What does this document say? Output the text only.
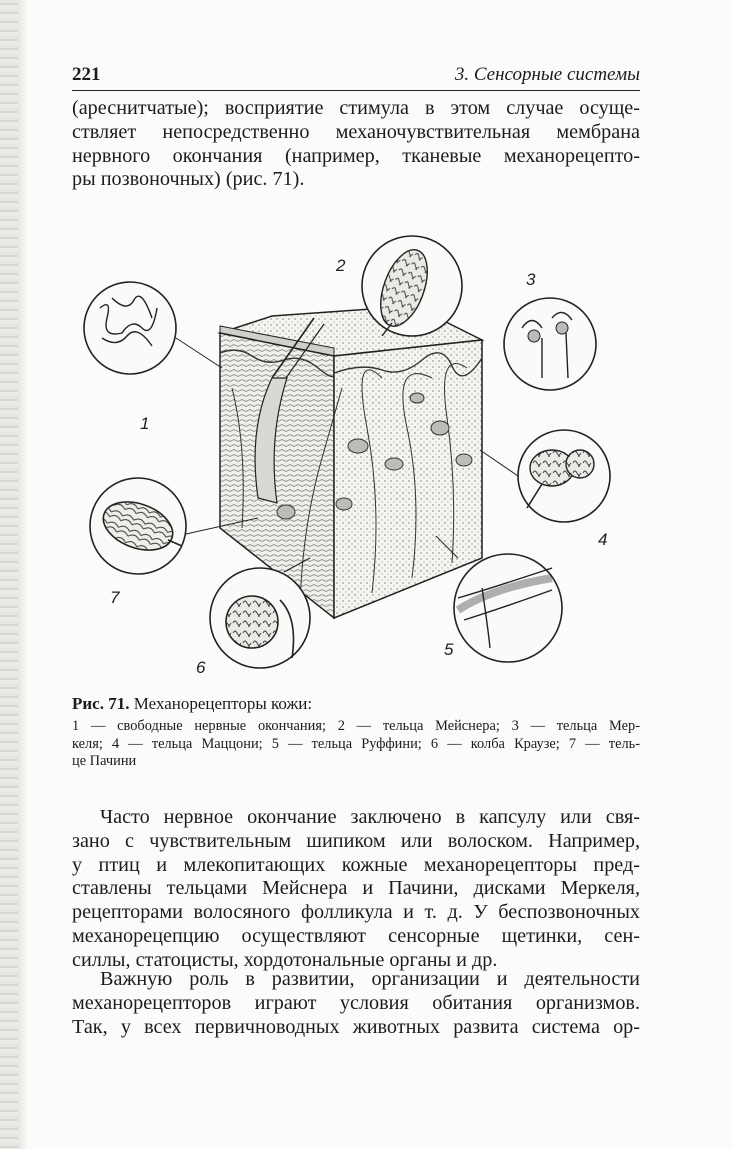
221	3. Сенсорные системы
(ареснитчатые); восприятие стимула в этом случае осуще-
ствляет непосредственно механочувствительная мембрана
нервного окончания (например, тканевые механорецепто-
ры позвоночных) (рис. 71).
1
2
3
4
5
6
7
Рис. 71. Механорецепторы кожи:
1 — свободные нервные окончания; 2 — тельца Мейснера; 3 — тельца Мер-
келя; 4 — тельца Маццони; 5 — тельца Руффини; 6 — колба Краузе; 7 — тель-
це Пачини
Часто нервное окончание заключено в капсулу или свя-
зано с чувствительным шипиком или волоском. Например,
у птиц и млекопитающих кожные механорецепторы пред-
ставлены тельцами Мейснера и Пачини, дисками Меркеля,
рецепторами волосяного фолликула и т. д. У беспозвоночных
механорецепцию осуществляют сенсорные щетинки, сен-
силлы, статоцисты, хордотональные органы и др.
Важную роль в развитии, организации и деятельности
механорецепторов играют условия обитания организмов.
Так, у всех первичноводных животных развита система ор-
